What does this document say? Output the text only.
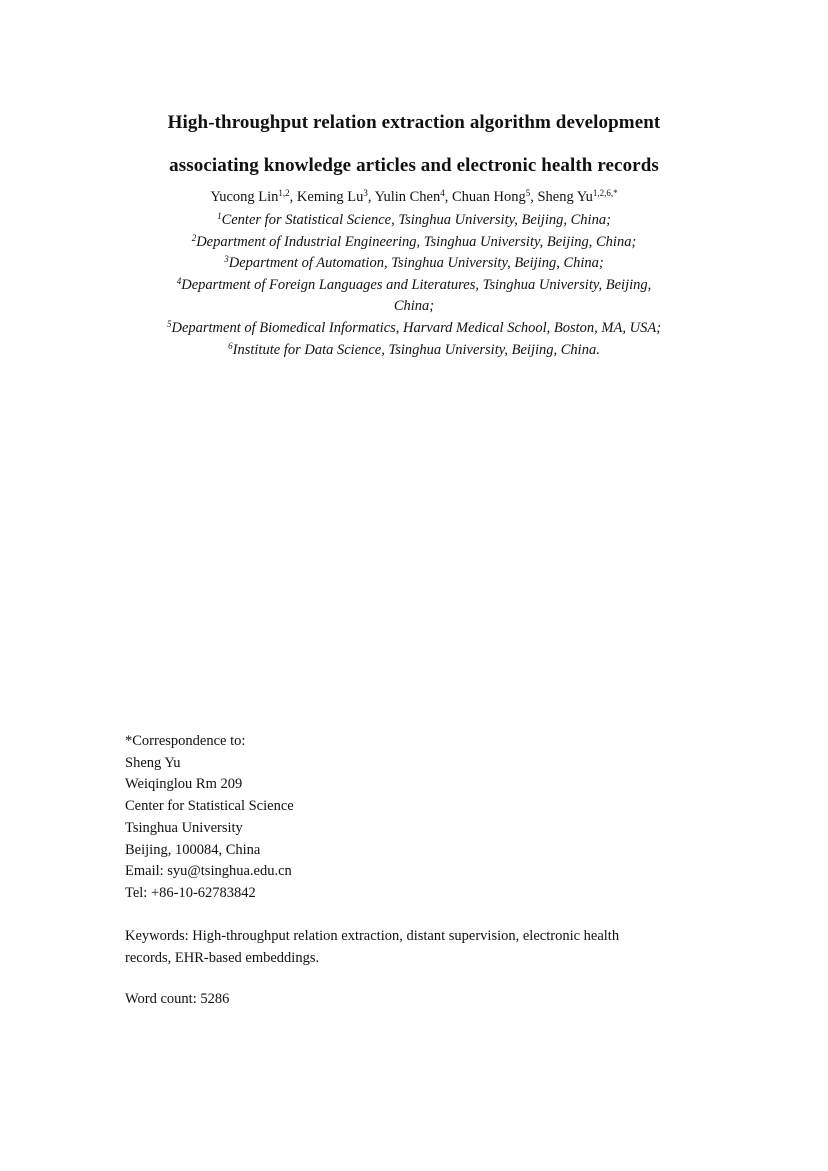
High-throughput relation extraction algorithm development
associating knowledge articles and electronic health records
Yucong Lin$^{1,2}$, Keming Lu$^3$, Yulin Chen$^4$, Chuan Hong$^5$, Sheng $Yu^{1,2,6,*}$
$^1$Center for Statistical Science, Tsinghua University, Beijing, China;
$^2$Department of Industrial Engineering, Tsinghua University, Beijing, China;
$^3$Department of Automation, Tsinghua University, Beijing, China;
$^4$Department of Foreign Languages and Literatures, Tsinghua University, Beijing, China;
$^5$Department of Biomedical Informatics, Harvard Medical School, Boston, MA, USA;
$^6$Institute for Data Science, Tsinghua University, Beijing, China.
*Correspondence to:
Sheng Yu
Weiqinglou Rm 209
Center for Statistical Science
Tsinghua University
Beijing, 100084, China
Email: syu@tsinghua.edu.cn
Tel: +86-10-62783842
Keywords: High-throughput relation extraction, distant supervision, electronic health records, EHR-based embeddings.
Word count: 5286
